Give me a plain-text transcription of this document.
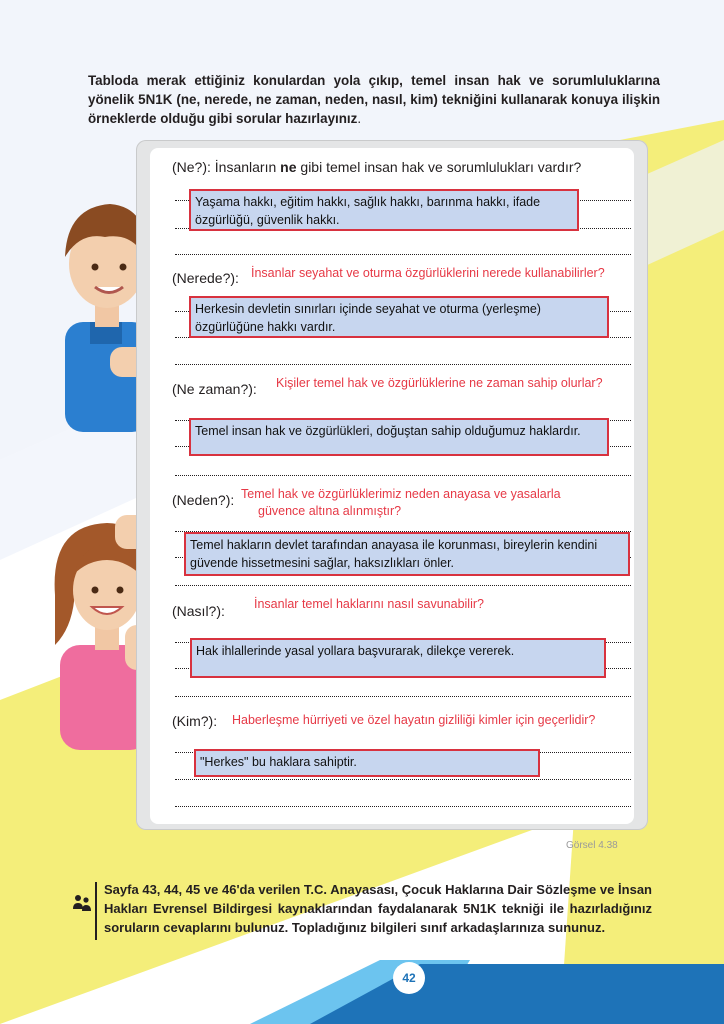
Tabloda merak ettiğiniz konulardan yola çıkıp, temel insan hak ve sorumluluklarına yönelik 5N1K (ne, nerede, ne zaman, neden, nasıl, kim) tekniğini kullanarak konuya ilişkin örneklerde olduğu gibi sorular hazırlayınız.
(Ne?): İnsanların ne gibi temel insan hak ve sorumlulukları vardır?
Yaşama hakkı, eğitim hakkı, sağlık hakkı, barınma hakkı, ifade özgürlüğü, güvenlik hakkı.
(Nerede?): İnsanlar seyahat ve oturma özgürlüklerini nerede kullanabilirler?
Herkesin devletin sınırları içinde seyahat ve oturma (yerleşme) özgürlüğüne hakkı vardır.
(Ne zaman?):	Kişiler temel hak ve özgürlüklerine ne zaman sahip olurlar?
Temel insan hak ve özgürlükleri, doğuştan sahip olduğumuz haklardır.
(Neden?): Temel hak ve özgürlüklerimiz neden anayasa ve yasalarla
güvence altına alınmıştır?
Temel hakların devlet tarafından anayasa ile korunması, bireylerin kendini güvende hissetmesini sağlar, haksızlıkları önler.
(Nasıl?):	İnsanlar temel haklarını nasıl savunabilir?
Hak ihlallerinde yasal yollara başvurarak, dilekçe vererek.
(Kim?):	Haberleşme hürriyeti ve özel hayatın gizliliği kimler için geçerlidir?
"Herkes" bu haklara sahiptir.
Görsel 4.38
Sayfa 43, 44, 45 ve 46'da verilen T.C. Anayasası, Çocuk Haklarına Dair Sözleşme ve İnsan Hakları Evrensel Bildirgesi kaynaklarından faydalanarak 5N1K tekniği ile hazırladığınız soruların cevaplarını bulunuz. Topladığınız bilgileri sınıf arkadaşlarınıza sununuz.
42
